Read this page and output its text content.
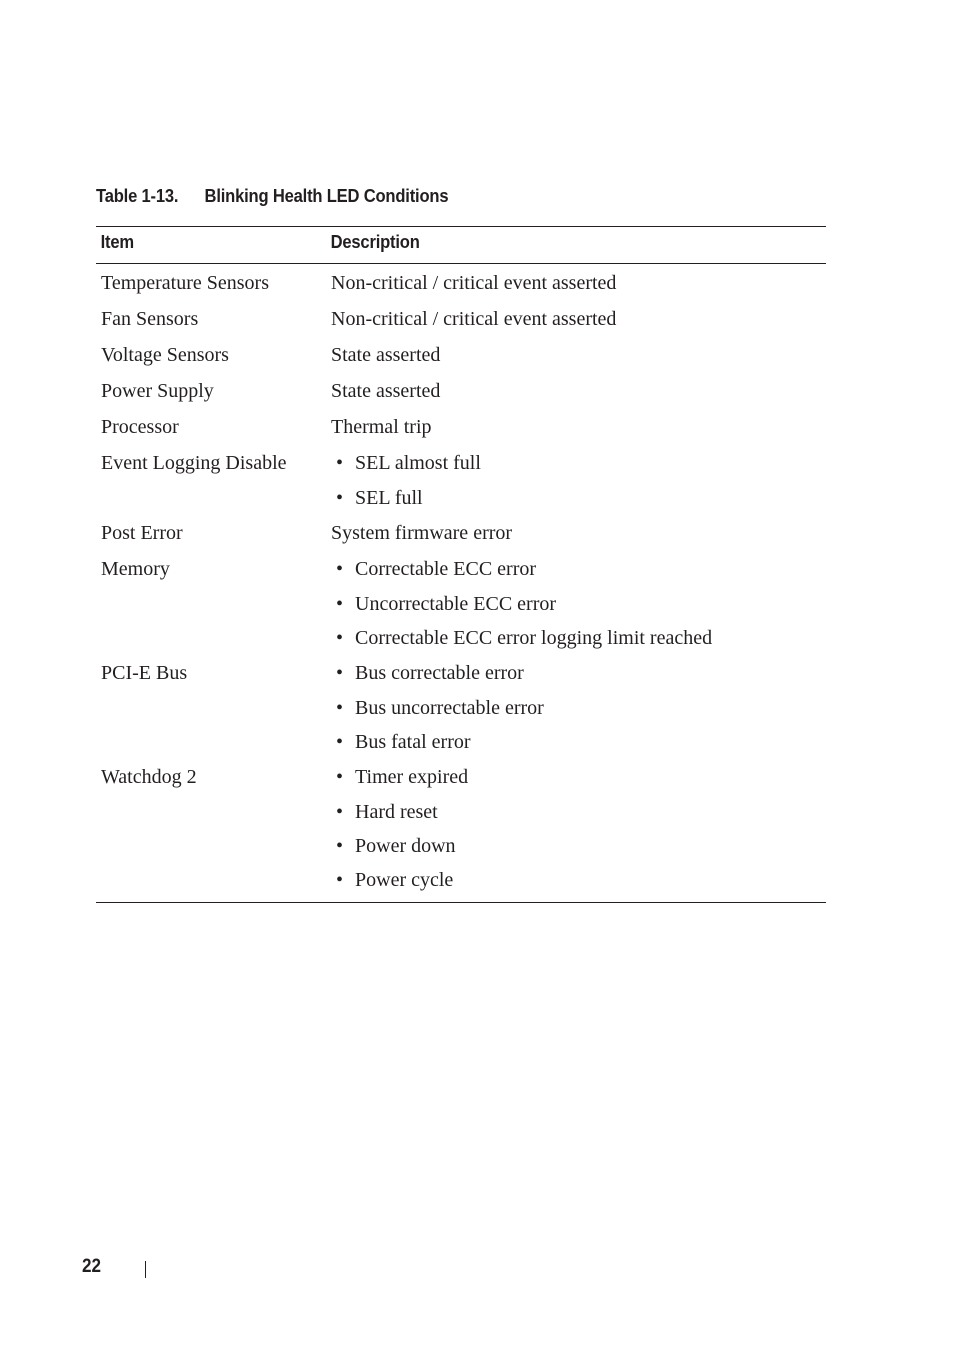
Table 1-13. Blinking Health LED Conditions
Item	Description
Temperature Sensors	Non-critical / critical event asserted
Fan Sensors	Non-critical / critical event asserted
Voltage Sensors	State asserted
Power Supply	State asserted
Processor	Thermal trip
Event Logging Disable	• SEL almost full
• SEL full
Post Error	System firmware error
Memory	• Correctable ECC error
• Uncorrectable ECC error
• Correctable ECC error logging limit reached
PCI-E Bus	• Bus correctable error
• Bus uncorrectable error
• Bus fatal error
Watchdog 2	• Timer expired
• Hard reset
• Power down
• Power cycle
22
